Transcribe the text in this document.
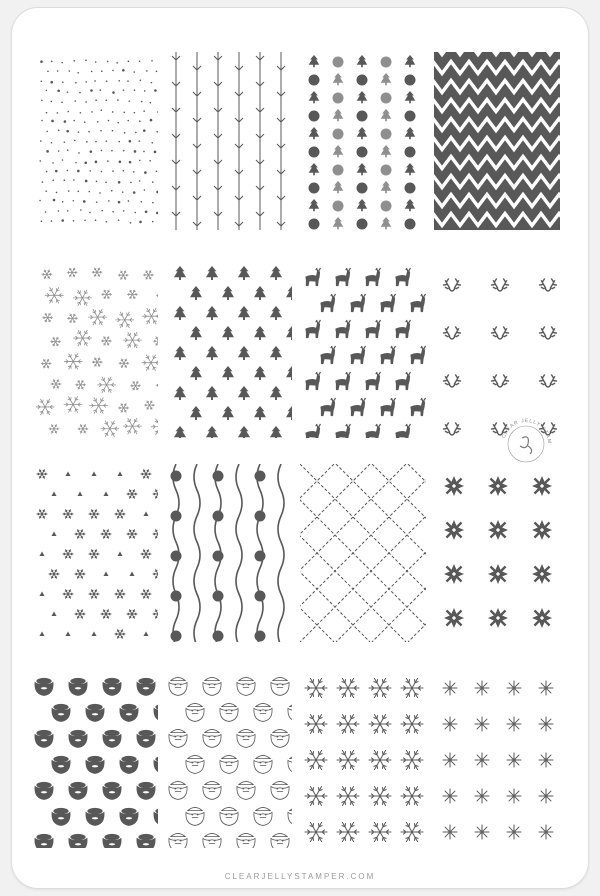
CLEAR JELLY STAMPER
CLEARJELLYSTAMPER.COM
